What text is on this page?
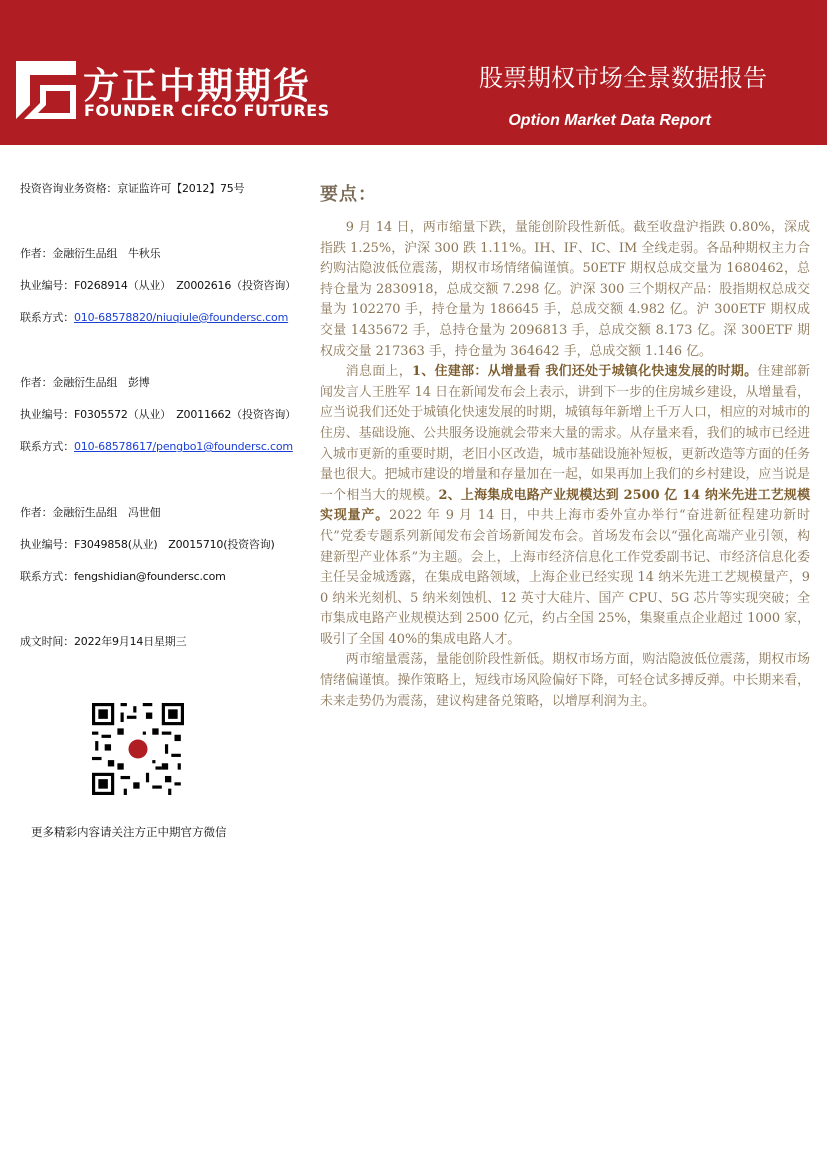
方正中期期货
FOUNDER CIFCO FUTURES
股票期权市场全景数据报告
Option Market Data Report
投资咨询业务资格：京证监许可【2012】75号
作者：金融衍生品组　牛秋乐
执业编号：F0268914（从业）　Z0002616（投资咨询）
联系方式：010-68578820/niuqiule@foundersc.com
作者：金融衍生品组　彭博
执业编号：F0305572（从业）　Z0011662（投资咨询）
联系方式：010-68578617/pengbo1@foundersc.com
作者：金融衍生品组　冯世佃
执业编号：F3049858(从业)　Z0015710(投资咨询)
联系方式：fengshidian@foundersc.com
成文时间：2022年9月14日星期三
更多精彩内容请关注方正中期官方微信
要点：

9 月 14 日，两市缩量下跌，量能创阶段性新低。截至收盘沪指跌 0.80%，深成指跌 1.25%，沪深 300 跌 1.11%。IH、IF、IC、IM 全线走弱。各品种期权主力合约购沽隐波低位震荡，期权市场情绪偏谨慎。50ETF 期权总成交量为 1680462，总持仓量为 2830918，总成交额 7.298 亿。沪深 300 三个期权产品：股指期权总成交量为 102270 手，持仓量为 186645 手，总成交额 4.982 亿。沪 300ETF 期权成交量 1435672 手，总持仓量为 2096813 手，总成交额 8.173 亿。深 300ETF 期权成交量 217363 手，持仓量为 364642 手，总成交额 1.146 亿。

消息面上，1、住建部：从增量看 我们还处于城镇化快速发展的时期。住建部新闻发言人王胜军 14 日在新闻发布会上表示，讲到下一步的住房城乡建设，从增量看，应当说我们还处于城镇化快速发展的时期，城镇每年新增上千万人口，相应的对城市的住房、基础设施、公共服务设施就会带来大量的需求。从存量来看，我们的城市已经进入城市更新的重要时期，老旧小区改造，城市基础设施补短板，更新改造等方面的任务量也很大。把城市建设的增量和存量加在一起，如果再加上我们的乡村建设，应当说是一个相当大的规模。2、上海集成电路产业规模达到 2500 亿 14 纳米先进工艺规模实现量产。2022 年 9 月 14 日，中共上海市委外宣办举行“奋进新征程建功新时代”党委专题系列新闻发布会首场新闻发布会。首场发布会以“强化高端产业引领，构建新型产业体系”为主题。会上，上海市经济信息化工作党委副书记、市经济信息化委主任吴金城透露，在集成电路领域，上海企业已经实现 14 纳米先进工艺规模量产，90 纳米光刻机、5 纳米刻蚀机、12 英寸大硅片、国产 CPU、5G 芯片等实现突破；全市集成电路产业规模达到 2500 亿元，约占全国 25%，集聚重点企业超过 1000 家，吸引了全国 40%的集成电路人才。

两市缩量震荡，量能创阶段性新低。期权市场方面，购沽隐波低位震荡，期权市场情绪偏谨慎。操作策略上，短线市场风险偏好下降，可轻仓试多搏反弹。中长期来看，未来走势仍为震荡，建议构建备兑策略，以增厚利润为主。
